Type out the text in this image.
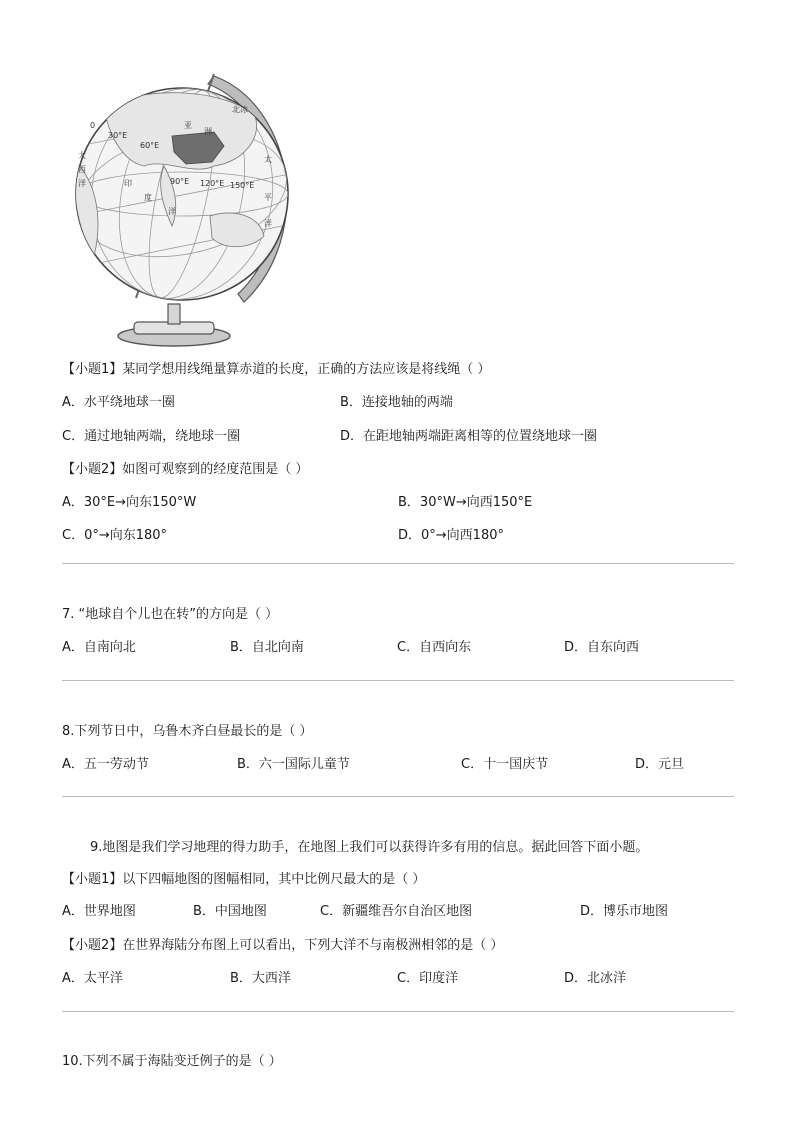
亚
洲
北冰
大
西
洋
太
平
洋
印
度
洋
0
30°E
60°E
90°E 120°E 150°E
【小题1】某同学想用线绳量算赤道的长度，正确的方法应该是将线绳（ ）
A．水平绕地球一圈	B．连接地轴的两端
C．通过地轴两端，绕地球一圈	D．在距地轴两端距离相等的位置绕地球一圈
【小题2】如图可观察到的经度范围是（ ）
A．30°E→向东150°W	B．30°W→向西150°E
C．0°→向东180°	D．0°→向西180°
7. “地球自个儿也在转”的方向是（ ）
A．自南向北	B．自北向南	C．自西向东	D．自东向西
8.下列节日中，乌鲁木齐白昼最长的是（ ）
A．五一劳动节	B．六一国际儿童节	C．十一国庆节	D．元旦
9.地图是我们学习地理的得力助手，在地图上我们可以获得许多有用的信息。据此回答下面小题。
【小题1】以下四幅地图的图幅相同，其中比例尺最大的是（ ）
A．世界地图	B．中国地图	C．新疆维吾尔自治区地图	D．博乐市地图
【小题2】在世界海陆分布图上可以看出，下列大洋不与南极洲相邻的是（ ）
A．太平洋	B．大西洋	C．印度洋	D．北冰洋
10.下列不属于海陆变迁例子的是（ ）
